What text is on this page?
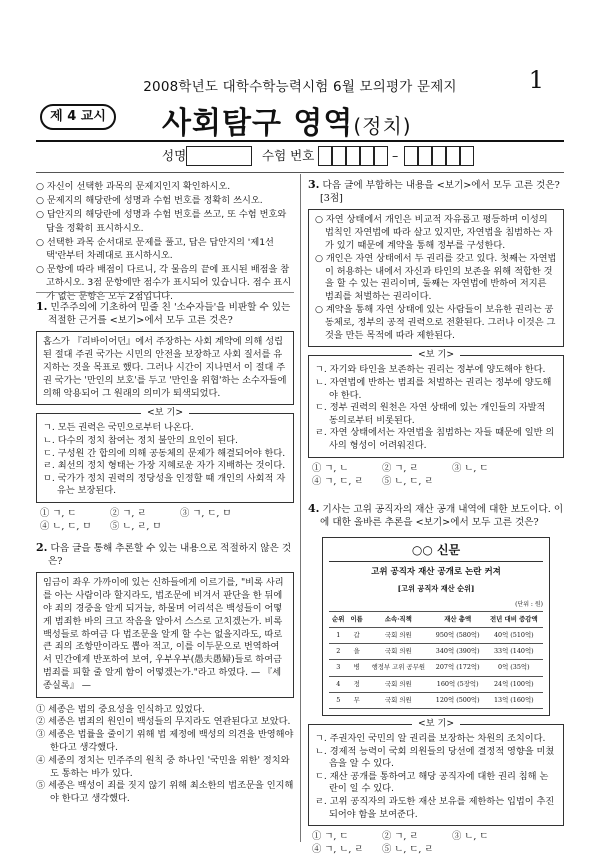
2008학년도 대학수학능력시험 6월 모의평가 문제지	1
제 4 교시	사회탐구 영역(정치)
성명	수험 번호	–
○ 자신이 선택한 과목의 문제지인지 확인하시오.
○ 문제지의 해당란에 성명과 수험 번호를 정확히 쓰시오.
○ 답안지의 해당란에 성명과 수험 번호를 쓰고, 또 수험 번호와 답을 정확히 표시하시오.
○ 선택한 과목 순서대로 문제를 풀고, 답은 답안지의 '제1선택'란부터 차례대로 표시하시오.
○ 문항에 따라 배점이 다르니, 각 물음의 끝에 표시된 배점을 참고하시오. 3점 문항에만 점수가 표시되어 있습니다. 점수 표시가 없는 문항은 모두 2점입니다.
1. 민주주의에 기초하여 밑줄 친 '소수자들'을 비판할 수 있는 적절한 근거를 <보기>에서 모두 고른 것은?
홉스가 『리바이어던』에서 주장하는 사회 계약에 의해 성립된 절대 주권 국가는 시민의 안전을 보장하고 사회 질서를 유지하는 것을 목표로 했다. 그러나 시간이 지나면서 이 절대 주권 국가는 '만인의 보호'를 두고 '만인을 위협'하는 소수자들에 의해 악용되어 그 원래의 의미가 퇴색되었다.
<보 기>
ㄱ. 모든 권력은 국민으로부터 나온다.
ㄴ. 다수의 정치 참여는 정치 불안의 요인이 된다.
ㄷ. 구성원 간 합의에 의해 공동체의 문제가 해결되어야 한다.
ㄹ. 최선의 정치 형태는 가장 지혜로운 자가 지배하는 것이다.
ㅁ. 국가가 정치 권력의 정당성을 인정할 때 개인의 사회적 자유는 보장된다.
① ㄱ, ㄷ	② ㄱ, ㄹ	③ ㄱ, ㄷ, ㅁ
④ ㄴ, ㄷ, ㅁ	⑤ ㄴ, ㄹ, ㅁ
2. 다음 글을 통해 추론할 수 있는 내용으로 적절하지 않은 것은?
임금이 좌우 가까이에 있는 신하들에게 이르기를, "비록 사리를 아는 사람이라 할지라도, 법조문에 비겨서 판단을 한 뒤에야 죄의 경중을 알게 되거늘, 하물며 어리석은 백성들이 어떻게 범죄한 바의 크고 작음을 알아서 스스로 고치겠는가. 비록 백성들로 하여금 다 법조문을 알게 할 수는 없을지라도, 따로 큰 죄의 조항만이라도 뽑아 적고, 이를 이두문으로 번역하여서 민간에게 반포하여 보여, 우부우부(愚夫愚婦)들로 하여금 범죄를 피할 줄 알게 함이 어떻겠는가."라고 하였다. — 『세종실록』 —
① 세종은 법의 중요성을 인식하고 있었다.
② 세종은 범죄의 원인이 백성들의 무지라도 연관된다고 보았다.
③ 세종은 법률을 줄이기 위해 법 제정에 백성의 의견을 반영해야 한다고 생각했다.
④ 세종의 정치는 민주주의 원칙 중 하나인 '국민을 위한' 정치와도 통하는 바가 있다.
⑤ 세종은 백성이 죄를 짓지 않기 위해 최소한의 법조문을 인지해야 한다고 생각했다.
3. 다음 글에 부합하는 내용을 <보기>에서 모두 고른 것은? [3점]
○ 자연 상태에서 개인은 비교적 자유롭고 평등하며 이성의 법칙인 자연법에 따라 살고 있지만, 자연법을 침범하는 자가 있기 때문에 계약을 통해 정부를 구성한다.
○ 개인은 자연 상태에서 두 권리를 갖고 있다. 첫째는 자연법이 허용하는 내에서 자신과 타인의 보존을 위해 적합한 것을 할 수 있는 권리이며, 둘째는 자연법에 반하여 저지른 범죄를 처벌하는 권리이다.
○ 계약을 통해 자연 상태에 있는 사람들이 보유한 권리는 공동체로, 정부의 공적 권력으로 전환된다. 그러나 이것은 그것을 만든 목적에 따라 제한된다.
<보 기>
ㄱ. 자기와 타인을 보존하는 권리는 정부에 양도해야 한다.
ㄴ. 자연법에 반하는 범죄를 처벌하는 권리는 정부에 양도해야 한다.
ㄷ. 정부 권력의 원천은 자연 상태에 있는 개인들의 자발적 동의로부터 비롯된다.
ㄹ. 자연 상태에서는 자연법을 침범하는 자들 때문에 일반 의사의 형성이 어려워진다.
① ㄱ, ㄴ	② ㄱ, ㄹ	③ ㄴ, ㄷ
④ ㄱ, ㄷ, ㄹ	⑤ ㄴ, ㄷ, ㄹ
4. 기사는 고위 공직자의 재산 공개 내역에 대한 보도이다. 이에 대한 올바른 추론을 <보기>에서 모두 고른 것은?
○○ 신문
고위 공직자 재산 공개로 논란 커져
[고위 공직자 재산 순위]
(단위 : 원)
순위	이름	소속·직책	재산 총액	전년 대비 증감액
1	갑	국회 의원	950억 (580억)	40억 (510억)
2	을	국회 의원	340억 (390억)	33억 (140억)
3	병	행정부 고위 공무원	207억 (172억)	0억 (35억)
4	정	국회 의원	160억 (5장억)	24억 (100억)
5	무	국회 의원	120억 (500억)	13억 (160억)
<보 기>
ㄱ. 주권자인 국민의 알 권리를 보장하는 차원의 조치이다.
ㄴ. 경제적 능력이 국회 의원들의 당선에 결정적 영향을 미쳤음을 알 수 있다.
ㄷ. 재산 공개를 통하여고 해당 공직자에 대한 권리 침해 논란이 일 수 있다.
ㄹ. 고위 공직자의 과도한 재산 보유를 제한하는 입법이 추진되어야 함을 보여준다.
① ㄱ, ㄷ	② ㄱ, ㄹ	③ ㄴ, ㄷ
④ ㄱ, ㄴ, ㄹ	⑤ ㄴ, ㄷ, ㄹ
